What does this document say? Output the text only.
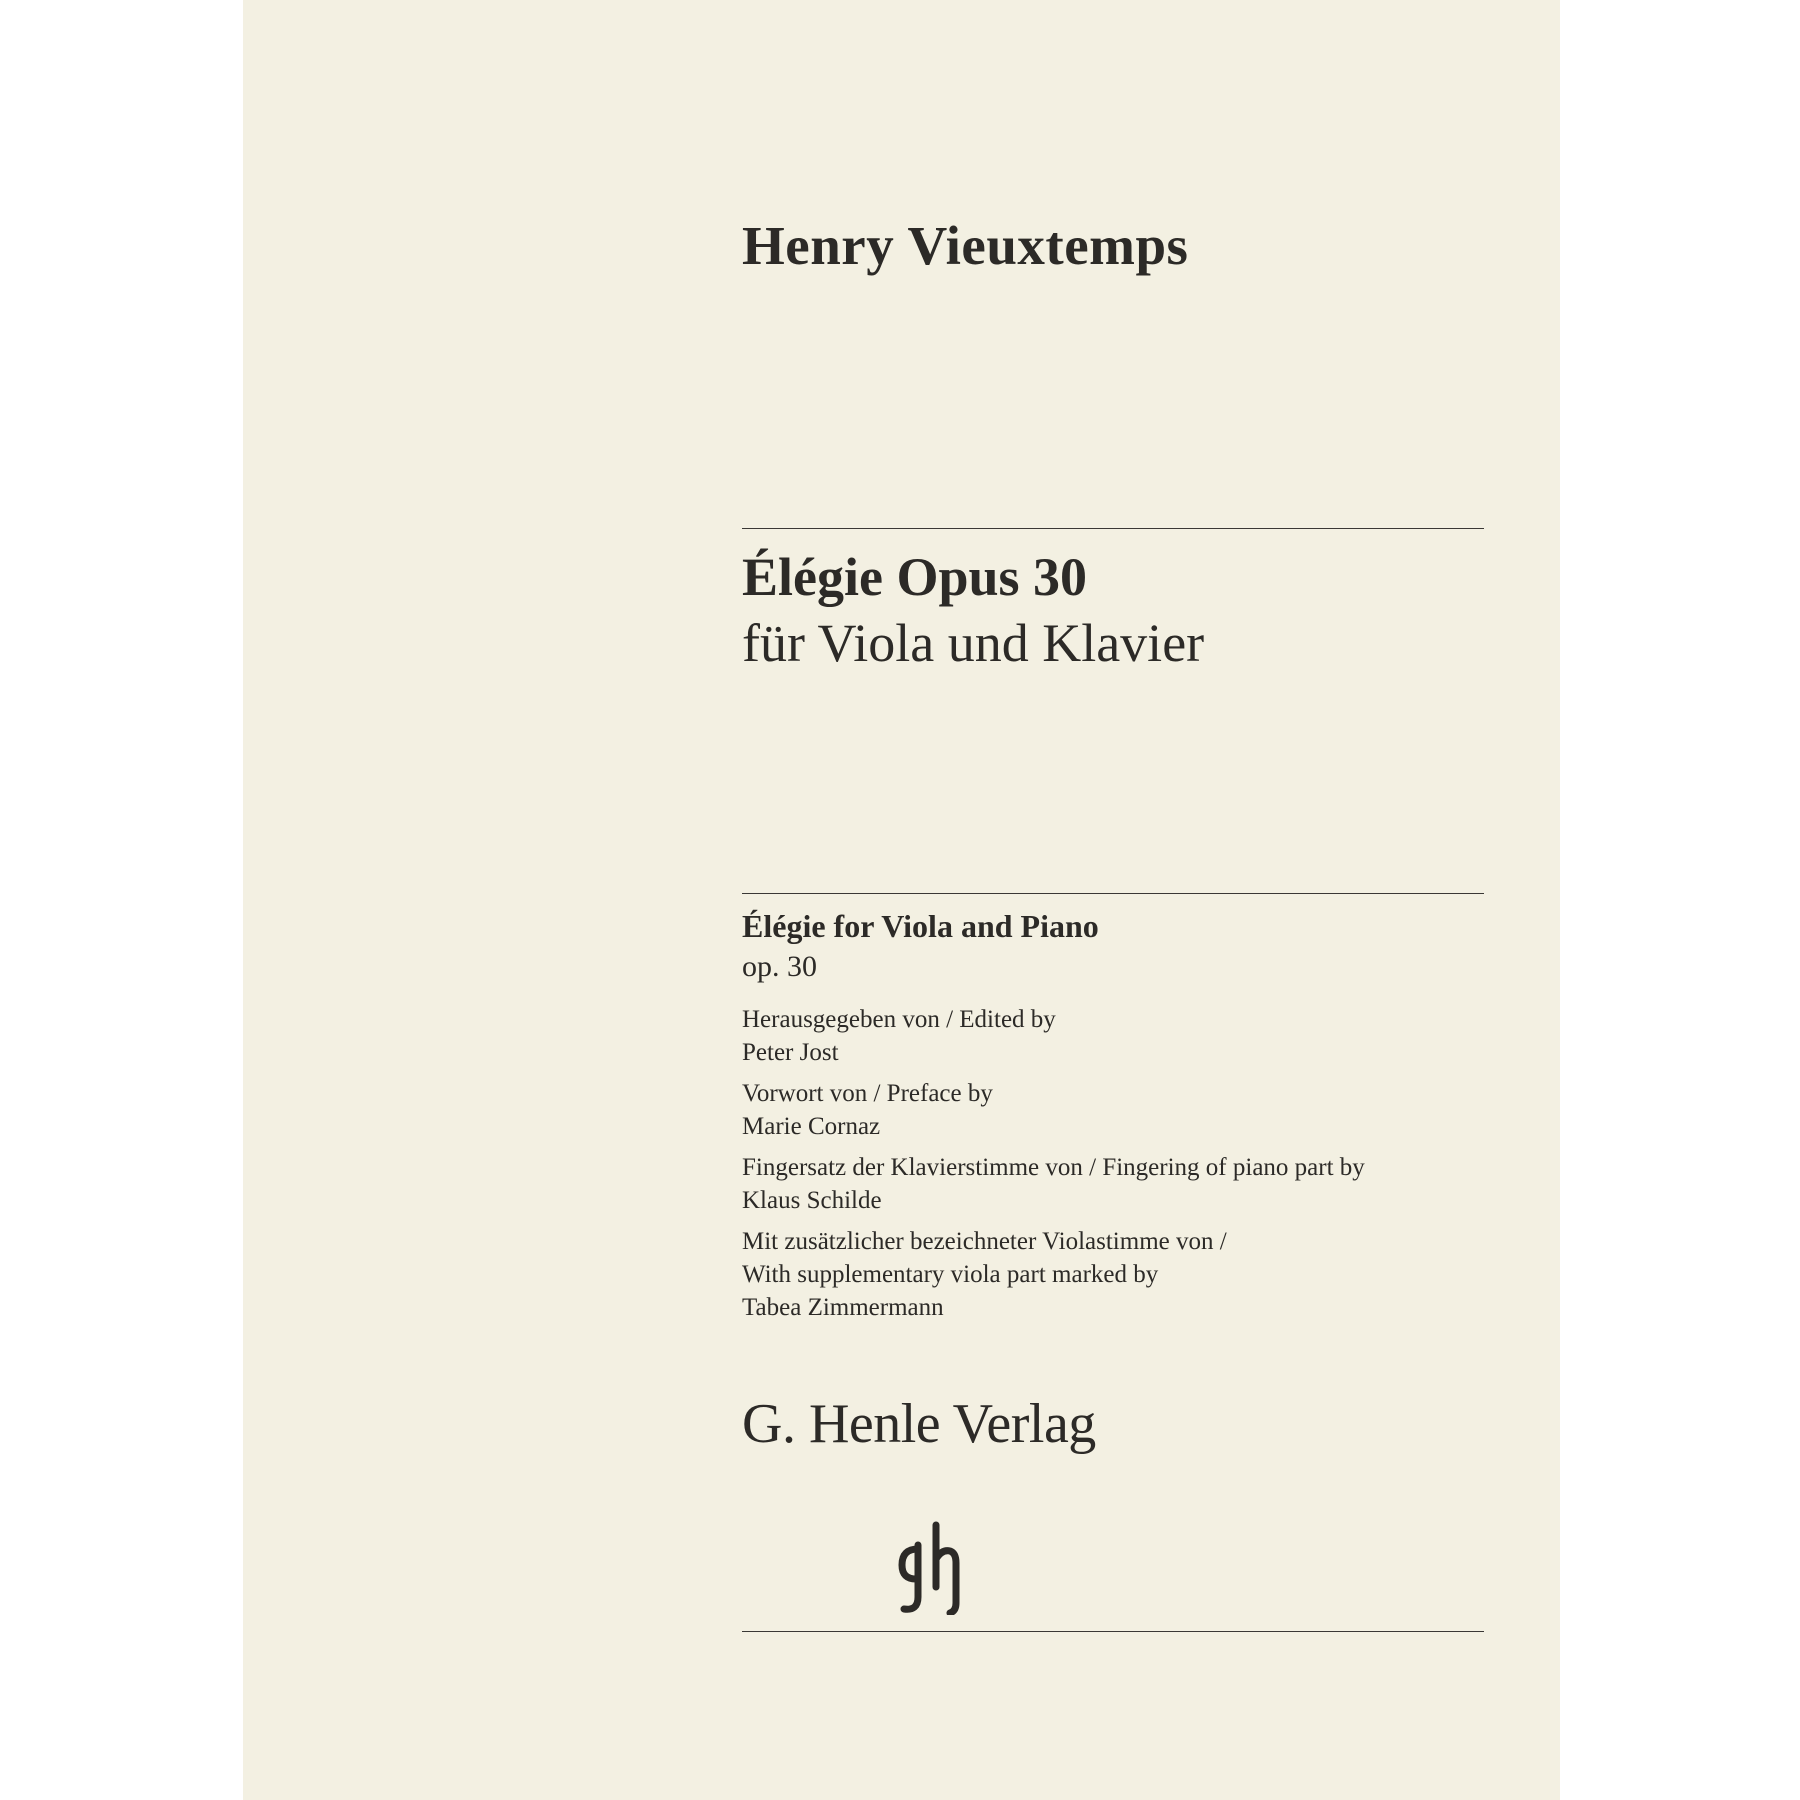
Henry Vieuxtemps
Élégie Opus 30
für Viola und Klavier
Élégie for Viola and Piano
op. 30
Herausgegeben von / Edited by
Peter Jost
Vorwort von / Preface by
Marie Cornaz
Fingersatz der Klavierstimme von / Fingering of piano part by
Klaus Schilde
Mit zusätzlicher bezeichneter Violastimme von /
With supplementary viola part marked by
Tabea Zimmermann
G. Henle Verlag
